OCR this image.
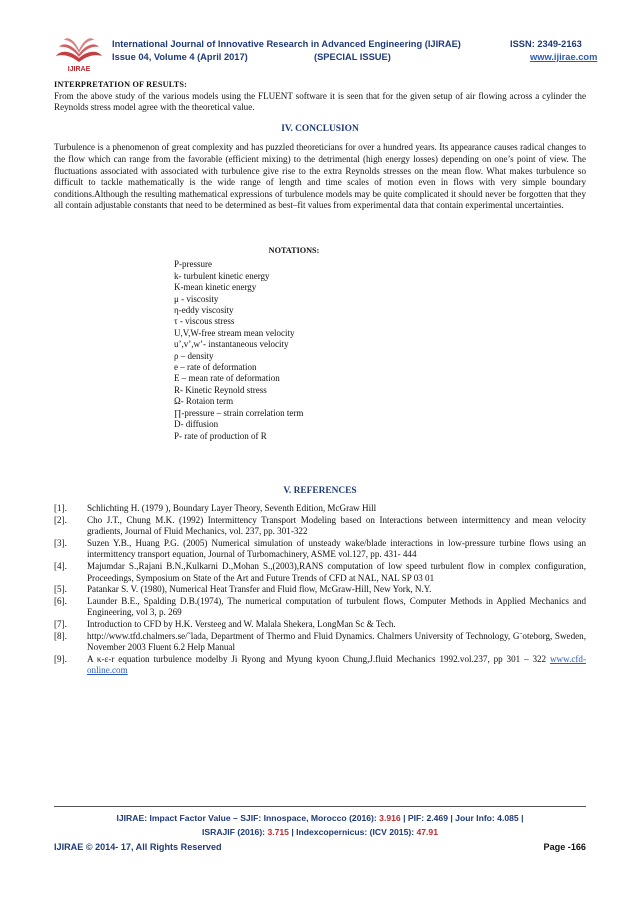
IJIRAE
International Journal of Innovative Research in Advanced Engineering (IJIRAE)	ISSN: 2349-2163
Issue 04, Volume 4 (April 2017)	(SPECIAL ISSUE)	www.ijirae.com
INTERPRETATION OF RESULTS:

From the above study of the various models using the FLUENT software it is seen that for the given setup of air flowing across a cylinder the Reynolds stress model agree with the theoretical value.

IV. CONCLUSION

Turbulence is a phenomenon of great complexity and has puzzled theoreticians for over a hundred years. Its appearance causes radical changes to the flow which can range from the favorable (efficient mixing) to the detrimental (high energy losses) depending on one’s point of view. The fluctuations associated with associated with turbulence give rise to the extra Reynolds stresses on the mean flow. What makes turbulence so difficult to tackle mathematically is the wide range of length and time scales of motion even in flows with very simple boundary conditions.Although the resulting mathematical expressions of turbulence models may be quite complicated it should never be forgotten that they all contain adjustable constants that need to be determined as best–fit values from experimental data that contain experimental uncertainties.

NOTATIONS:
P-pressure
k- turbulent kinetic energy
K-mean kinetic energy
μ - viscosity
η-eddy viscosity
τ - viscous stress
U,V,W-free stream mean velocity
u’,v’,w’- instantaneous velocity
ρ – density
e – rate of deformation
E – mean rate of deformation
R- Kinetic Reynold stress
Ω- Rotaion term
∏-pressure – strain correlation term
D- diffusion
P- rate of production of R
V. REFERENCES
[1]. Schlichting H. (1979 ), Boundary Layer Theory, Seventh Edition, McGraw Hill
[2]. Cho J.T., Chung M.K. (1992) Intermittency Transport Modeling based on Interactions between intermittency and mean velocity gradients, Journal of Fluid Mechanics, vol. 237, pp. 301-322
[3]. Suzen Y.B., Huang P.G. (2005) Numerical simulation of unsteady wake/blade interactions in low-pressure turbine flows using an intermittency transport equation, Journal of Turbomachinery, ASME vol.127, pp. 431- 444
[4]. Majumdar S.,Rajani B.N.,Kulkarni D.,Mohan S.,(2003),RANS computation of low speed turbulent flow in complex configuration, Proceedings, Symposium on State of the Art and Future Trends of CFD at NAL, NAL SP 03 01
[5]. Patankar S. V. (1980), Numerical Heat Transfer and Fluid flow, McGraw-Hill, New York, N.Y.
[6]. Launder B.E., Spalding D.B.(1974), The numerical computation of turbulent flows, Computer Methods in Applied Mechanics and Engineering, vol 3, p. 269
[7]. Introduction to CFD by H.K. Versteeg and W. Malala Shekera, LongMan Sc & Tech.
[8]. http://www.tfd.chalmers.se/˜lada, Department of Thermo and Fluid Dynamics. Chalmers University of Technology, G¨oteborg, Sweden, November 2003 Fluent 6.2 Help Manual
[9]. A κ-ε-r equation turbulence modelby Ji Ryong and Myung kyoon Chung,J.fluid Mechanics 1992.vol.237, pp 301 – 322 www.cfd-online.com
IJIRAE: Impact Factor Value – SJIF: Innospace, Morocco (2016): 3.916 | PIF: 2.469 | Jour Info: 4.085 |
ISRAJIF (2016): 3.715 | Indexcopernicus: (ICV 2015): 47.91
IJIRAE © 2014- 17, All Rights Reserved	Page -166
